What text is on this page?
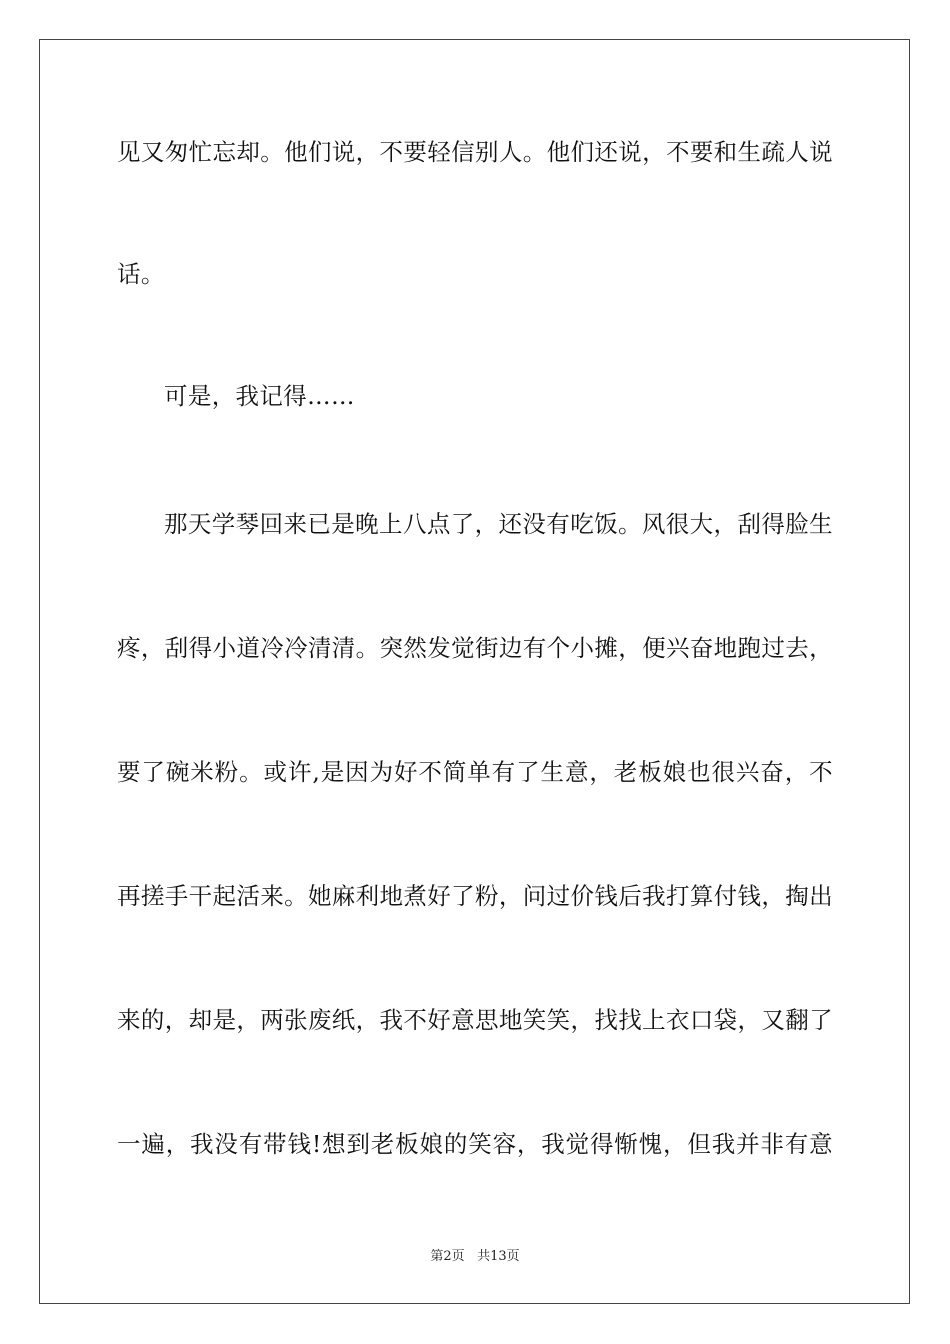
见又匆忙忘却。他们说，不要轻信别人。他们还说，不要和生疏人说
话。
可是，我记得……
那天学琴回来已是晚上八点了，还没有吃饭。风很大，刮得脸生
疼，刮得小道冷冷清清。突然发觉街边有个小摊，便兴奋地跑过去，
要了碗米粉。或许,是因为好不简单有了生意，老板娘也很兴奋，不
再搓手干起活来。她麻利地煮好了粉，问过价钱后我打算付钱，掏出
来的，却是，两张废纸，我不好意思地笑笑，找找上衣口袋，又翻了
一遍，我没有带钱!想到老板娘的笑容，我觉得惭愧，但我并非有意
第2页 共13页
